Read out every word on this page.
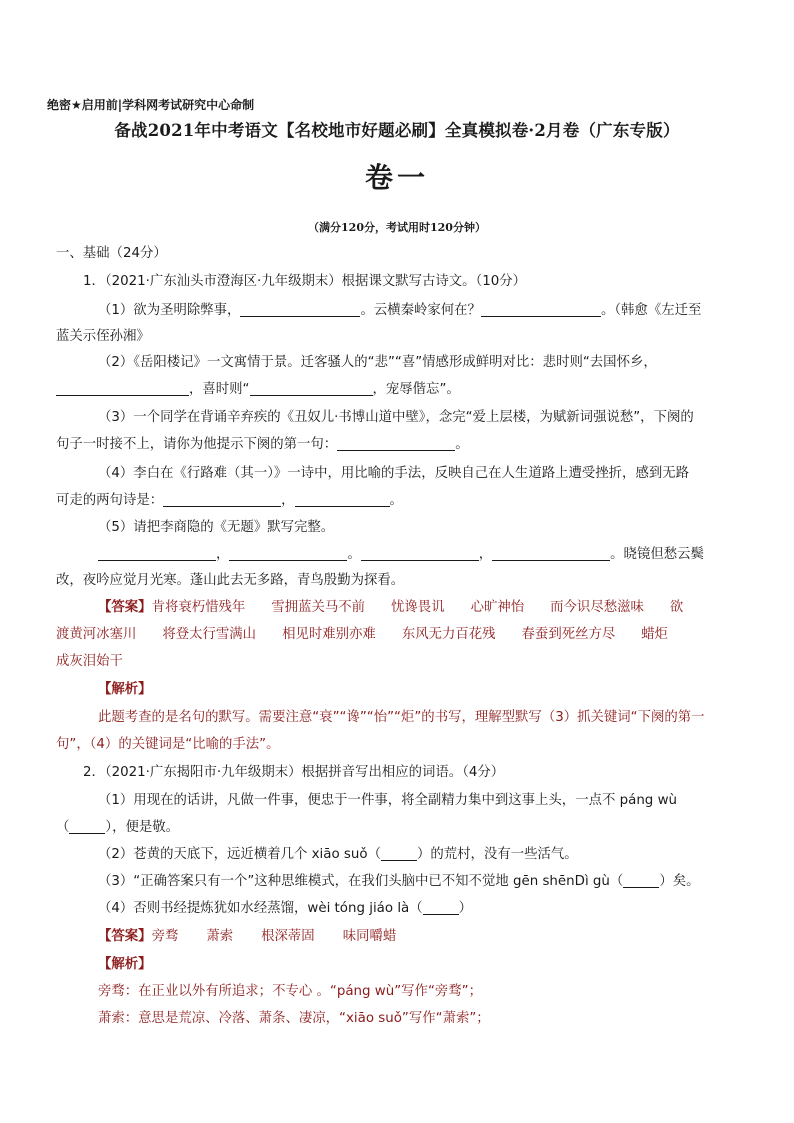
绝密★启用前|学科网考试研究中心命制
备战2021年中考语文【名校地市好题必刷】全真模拟卷·2月卷（广东专版）
卷一
（满分120分，考试用时120分钟）
一、基础（24分）
1．（2021·广东汕头市澄海区·九年级期末）根据课文默写古诗文。（10分）
（1）欲为圣明除弊事，	。云横秦岭家何在？	。（韩愈《左迁至
蓝关示侄孙湘》
（2）《岳阳楼记》一文寓情于景。迁客骚人的“悲”“喜”情感形成鲜明对比：悲时则“去国怀乡，
，喜时则“	，宠辱偕忘”。
（3）一个同学在背诵辛弃疾的《丑奴儿·书博山道中壁》，念完“爱上层楼，为赋新词强说愁”，下阕的
句子一时接不上，请你为他提示下阕的第一句：	。
（4）李白在《行路难（其一）》一诗中，用比喻的手法，反映自己在人生道路上遭受挫折，感到无路
可走的两句诗是：	，	。
（5）请把李商隐的《无题》默写完整。
，	。	，	。晓镜但愁云鬓
改，夜吟应觉月光寒。蓬山此去无多路，青鸟殷勤为探看。
【答案】肯将衰朽惜残年 雪拥蓝关马不前 忧谗畏讥 心旷神怡 而今识尽愁滋味 欲
渡黄河冰塞川 将登太行雪满山 相见时难别亦难 东风无力百花残 春蚕到死丝方尽 蜡炬
成灰泪始干
【解析】
此题考查的是名句的默写。需要注意“衰”“谗”“怡”“炬”的书写，理解型默写（3）抓关键词“下阕的第一
句”，（4）的关键词是“比喻的手法”。
2．（2021·广东揭阳市·九年级期末）根据拼音写出相应的词语。（4分）
（1）用现在的话讲，凡做一件事，便忠于一件事，将全副精力集中到这事上头，一点不 páng wù
（	），便是敬。
（2）苍黄的天底下，远近横着几个 xiāo suǒ（	）的荒村，没有一些活气。
（3）“正确答案只有一个”这种思维模式，在我们头脑中已不知不觉地 gēn shēnDì gù（	）矣。
（4）否则书经提炼犹如水经蒸馏，wèi tóng jiáo là（	）
【答案】旁骛 萧索 根深蒂固 味同嚼蜡
【解析】
旁骛：在正业以外有所追求；不专心 。“páng wù”写作“旁骛”；
萧索：意思是荒凉、冷落、萧条、凄凉，“xiāo suǒ”写作“萧索”；
